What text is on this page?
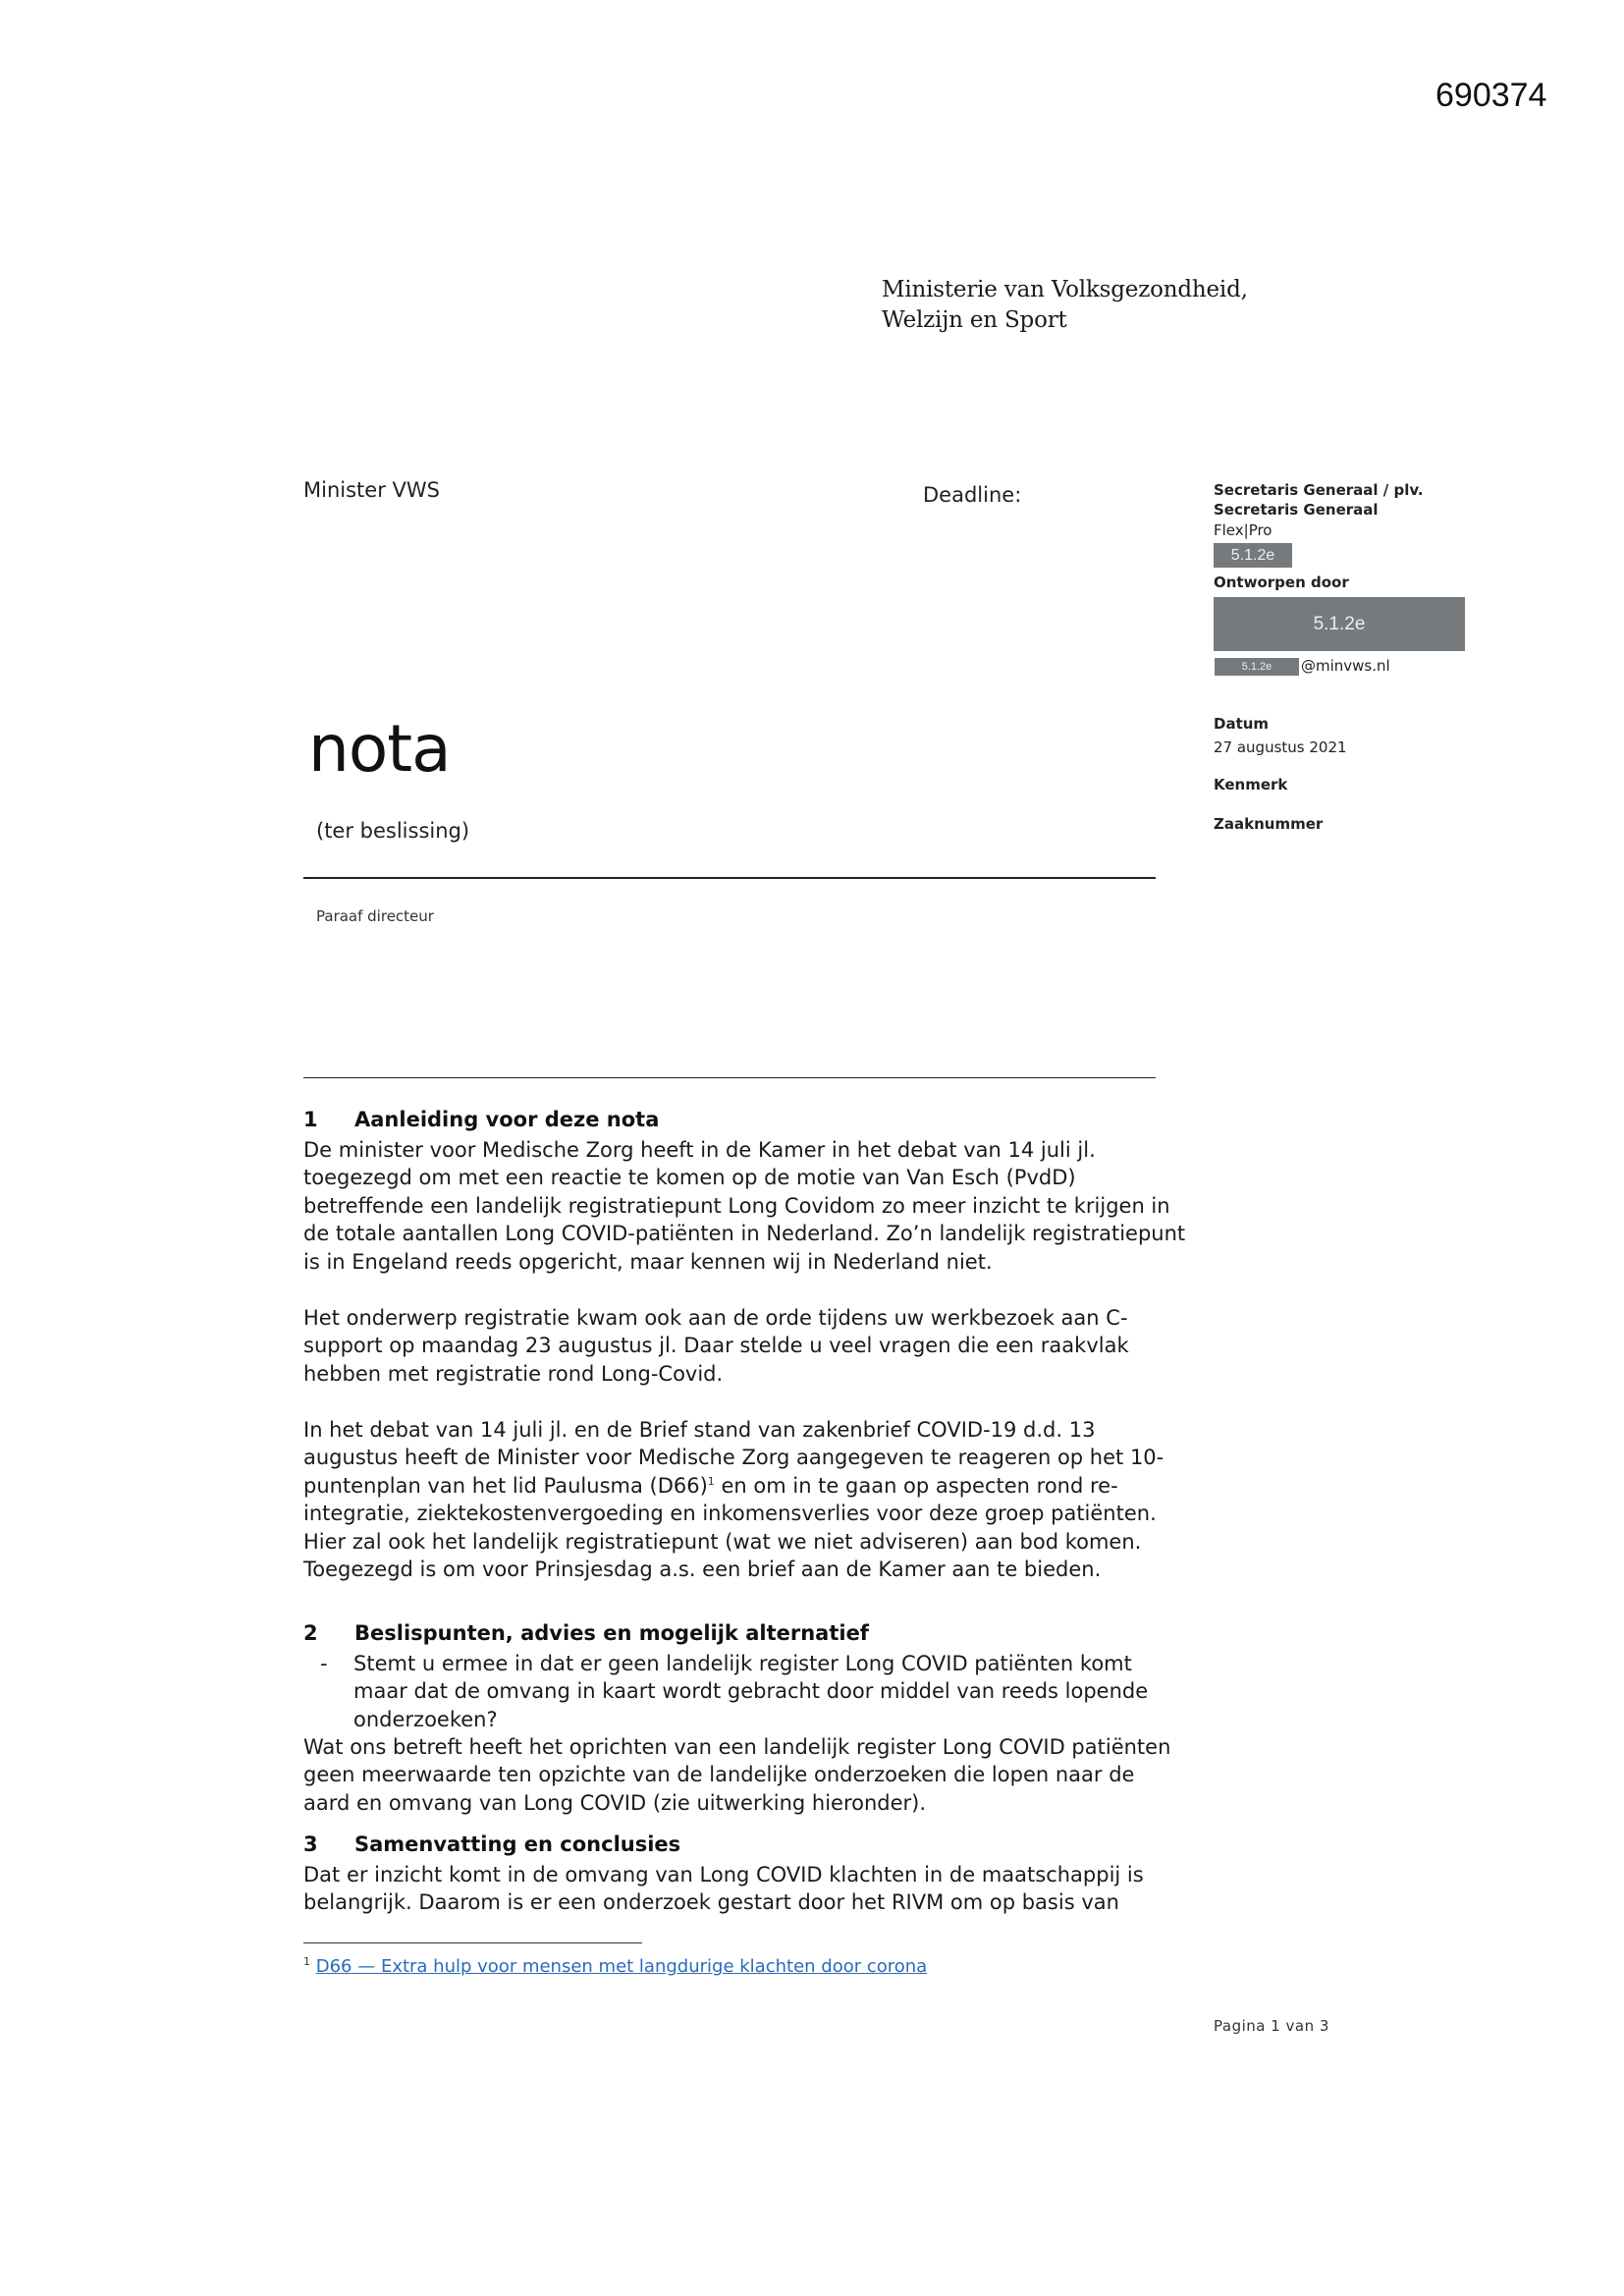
690374
Ministerie van Volksgezondheid,
Welzijn en Sport
Minister VWS	Deadline:	Secretaris Generaal / plv.
Secretaris Generaal
Flex|Pro
5.1.2e
Ontworpen door
5.1.2e
5.1.2e	@minvws.nl
Datum
27 augustus 2021
Kenmerk
Zaaknummer
nota
(ter beslissing)
Paraaf directeur
1 Aanleiding voor deze nota

De minister voor Medische Zorg heeft in de Kamer in het debat van 14 juli jl. toegezegd om met een reactie te komen op de motie van Van Esch (PvdD) betreffende een landelijk registratiepunt Long Covidom zo meer inzicht te krijgen in de totale aantallen Long COVID-patiënten in Nederland. Zo’n landelijk registratiepunt is in Engeland reeds opgericht, maar kennen wij in Nederland niet.

Het onderwerp registratie kwam ook aan de orde tijdens uw werkbezoek aan C-support op maandag 23 augustus jl. Daar stelde u veel vragen die een raakvlak hebben met registratie rond Long-Covid.

In het debat van 14 juli jl. en de Brief stand van zakenbrief COVID-19 d.d. 13 augustus heeft de Minister voor Medische Zorg aangegeven te reageren op het 10-puntenplan van het lid Paulusma $(D66)^1$ en om in te gaan op aspecten rond re-integratie, ziektekostenvergoeding en inkomensverlies voor deze groep patiënten. Hier zal ook het landelijk registratiepunt (wat we niet adviseren) aan bod komen. Toegezegd is om voor Prinsjesdag a.s. een brief aan de Kamer aan te bieden.

2 Beslispunten, advies en mogelijk alternatief
- Stemt u ermee in dat er geen landelijk register Long COVID patiënten komt maar dat de omvang in kaart wordt gebracht door middel van reeds lopende onderzoeken?

Wat ons betreft heeft het oprichten van een landelijk register Long COVID patiënten geen meerwaarde ten opzichte van de landelijke onderzoeken die lopen naar de aard en omvang van Long COVID (zie uitwerking hieronder).

3 Samenvatting en conclusies

Dat er inzicht komt in de omvang van Long COVID klachten in de maatschappij is belangrijk. Daarom is er een onderzoek gestart door het RIVM om op basis van

$^1$ D66 — Extra hulp voor mensen met langdurige klachten door corona
Pagina 1 van 3
